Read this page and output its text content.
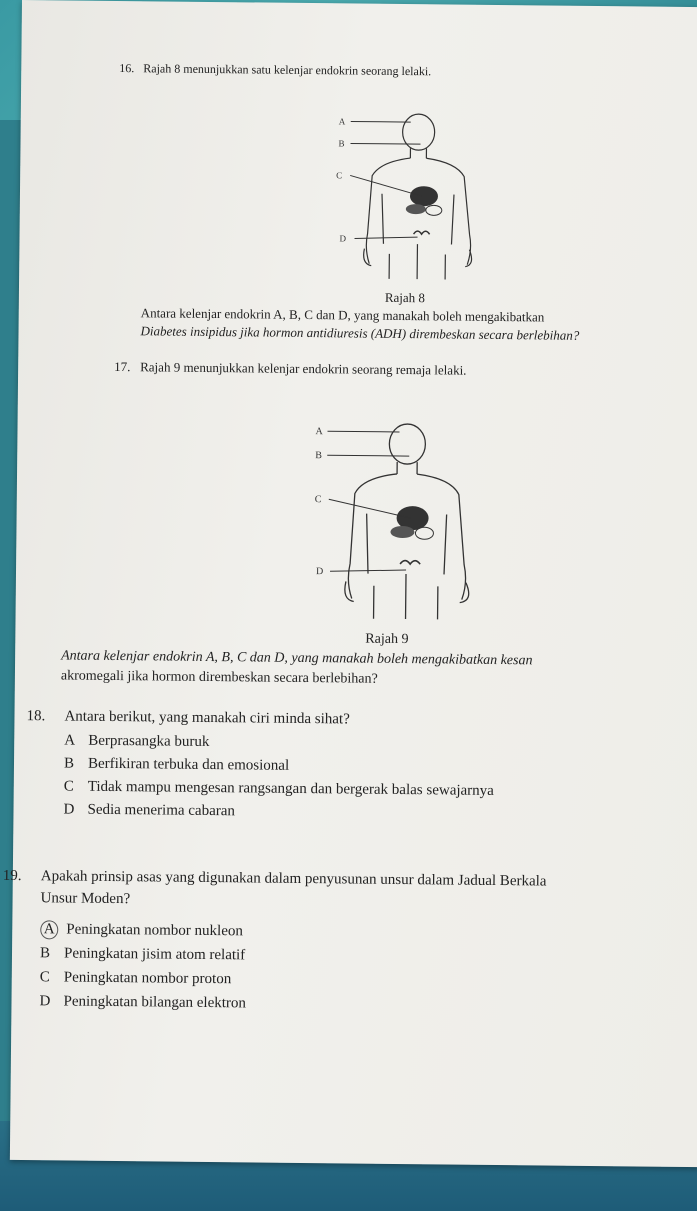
16. Rajah 8 menunjukkan satu kelenjar endokrin seorang lelaki.
A
B
C
D
Rajah 8
Antara kelenjar endokrin A, B, C dan D, yang manakah boleh mengakibatkan
Diabetes insipidus jika hormon antidiuresis (ADH) dirembeskan secara berlebihan?
17. Rajah 9 menunjukkan kelenjar endokrin seorang remaja lelaki.
A
B
C
D
Rajah 9
Antara kelenjar endokrin A, B, C dan D, yang manakah boleh mengakibatkan kesan
akromegali jika hormon dirembeskan secara berlebihan?
18. Antara berikut, yang manakah ciri minda sihat?
A Berprasangka buruk
B Berfikiran terbuka dan emosional
C Tidak mampu mengesan rangsangan dan bergerak balas sewajarnya
D Sedia menerima cabaran
19. Apakah prinsip asas yang digunakan dalam penyusunan unsur dalam Jadual Berkala
Unsur Moden?
A Peningkatan nombor nukleon
B Peningkatan jisim atom relatif
C Peningkatan nombor proton
D Peningkatan bilangan elektron
